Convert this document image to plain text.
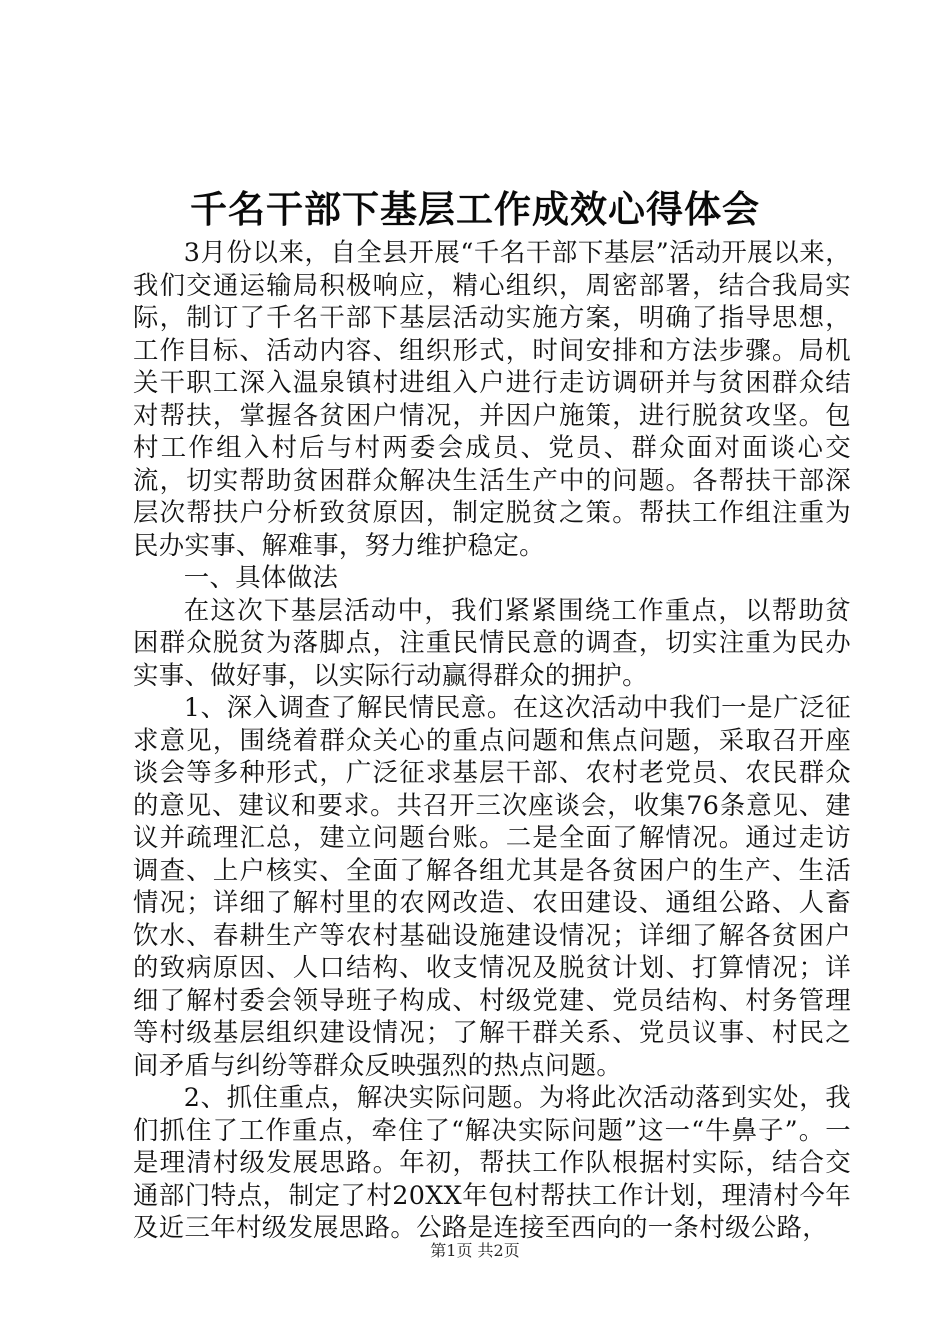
千名干部下基层工作成效心得体会

3月份以来，自全县开展“千名干部下基层”活动开展以来，我们交通运输局积极响应，精心组织，周密部署，结合我局实际，制订了千名干部下基层活动实施方案，明确了指导思想，工作目标、活动内容、组织形式，时间安排和方法步骤。局机关干职工深入温泉镇村进组入户进行走访调研并与贫困群众结对帮扶，掌握各贫困户情况，并因户施策，进行脱贫攻坚。包村工作组入村后与村两委会成员、党员、群众面对面谈心交流，切实帮助贫困群众解决生活生产中的问题。各帮扶干部深层次帮扶户分析致贫原因，制定脱贫之策。帮扶工作组注重为民办实事、解难事，努力维护稳定。

一、具体做法

在这次下基层活动中，我们紧紧围绕工作重点，以帮助贫困群众脱贫为落脚点，注重民情民意的调查，切实注重为民办实事、做好事，以实际行动赢得群众的拥护。

1、深入调查了解民情民意。在这次活动中我们一是广泛征求意见，围绕着群众关心的重点问题和焦点问题，采取召开座谈会等多种形式，广泛征求基层干部、农村老党员、农民群众的意见、建议和要求。共召开三次座谈会，收集76条意见、建议并疏理汇总，建立问题台账。二是全面了解情况。通过走访调查、上户核实、全面了解各组尤其是各贫困户的生产、生活情况；详细了解村里的农网改造、农田建设、通组公路、人畜饮水、春耕生产等农村基础设施建设情况；详细了解各贫困户的致病原因、人口结构、收支情况及脱贫计划、打算情况；详细了解村委会领导班子构成、村级党建、党员结构、村务管理等村级基层组织建设情况；了解干群关系、党员议事、村民之间矛盾与纠纷等群众反映强烈的热点问题。

2、抓住重点，解决实际问题。为将此次活动落到实处，我们抓住了工作重点，牵住了“解决实际问题”这一“牛鼻子”。一是理清村级发展思路。年初，帮扶工作队根据村实际，结合交通部门特点，制定了村20XX年包村帮扶工作计划，理清村今年及近三年村级发展思路。公路是连接至西向的一条村级公路，

第1页 共2页
